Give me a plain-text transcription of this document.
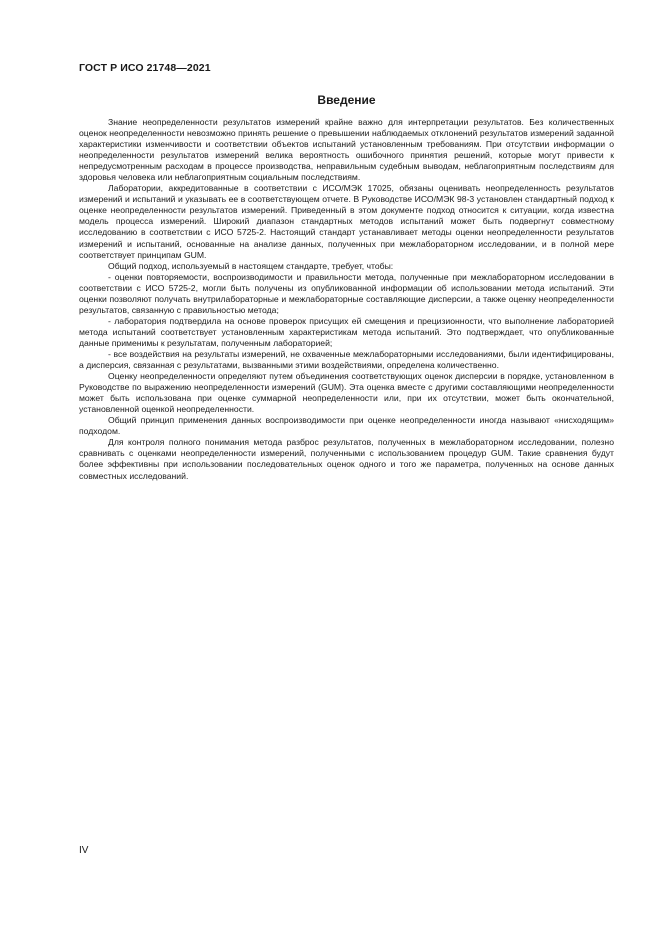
ГОСТ Р ИСО 21748—2021
Введение

Знание неопределенности результатов измерений крайне важно для интерпретации результатов. Без количественных оценок неопределенности невозможно принять решение о превышении наблюдаемых отклонений результатов измерений заданной характеристики изменчивости и соответствии объектов испытаний установленным требованиям. При отсутствии информации о неопределенности результатов измерений велика вероятность ошибочного принятия решений, которые могут привести к непредусмотренным расходам в процессе производства, неправильным судебным выводам, неблагоприятным последствиям для здоровья человека или неблагоприятным социальным последствиям.

Лаборатории, аккредитованные в соответствии с ИСО/МЭК 17025, обязаны оценивать неопределенность результатов измерений и испытаний и указывать ее в соответствующем отчете. В Руководстве ИСО/МЭК 98-3 установлен стандартный подход к оценке неопределенности результатов измерений. Приведенный в этом документе подход относится к ситуации, когда известна модель процесса измерений. Широкий диапазон стандартных методов испытаний может быть подвергнут совместному исследованию в соответствии с ИСО 5725-2. Настоящий стандарт устанавливает методы оценки неопределенности результатов измерений и испытаний, основанные на анализе данных, полученных при межлабораторном исследовании, и в полной мере соответствует принципам GUM.

Общий подход, используемый в настоящем стандарте, требует, чтобы:

- оценки повторяемости, воспроизводимости и правильности метода, полученные при межлабораторном исследовании в соответствии с ИСО 5725-2, могли быть получены из опубликованной информации об использовании метода испытаний. Эти оценки позволяют получать внутрилабораторные и межлабораторные составляющие дисперсии, а также оценку неопределенности результатов, связанную с правильностью метода;

- лаборатория подтвердила на основе проверок присущих ей смещения и прецизионности, что выполнение лабораторией метода испытаний соответствует установленным характеристикам метода испытаний. Это подтверждает, что опубликованные данные применимы к результатам, полученным лабораторией;

- все воздействия на результаты измерений, не охваченные межлабораторными исследованиями, были идентифицированы, а дисперсия, связанная с результатами, вызванными этими воздействиями, определена количественно.

Оценку неопределенности определяют путем объединения соответствующих оценок дисперсии в порядке, установленном в Руководстве по выражению неопределенности измерений (GUM). Эта оценка вместе с другими составляющими неопределенности может быть использована при оценке суммарной неопределенности или, при их отсутствии, может быть окончательной, установленной оценкой неопределенности.

Общий принцип применения данных воспроизводимости при оценке неопределенности иногда называют «нисходящим» подходом.

Для контроля полного понимания метода разброс результатов, полученных в межлабораторном исследовании, полезно сравнивать с оценками неопределенности измерений, полученными с использованием процедур GUM. Такие сравнения будут более эффективны при использовании последовательных оценок одного и того же параметра, полученных на основе данных совместных исследований.

IV
